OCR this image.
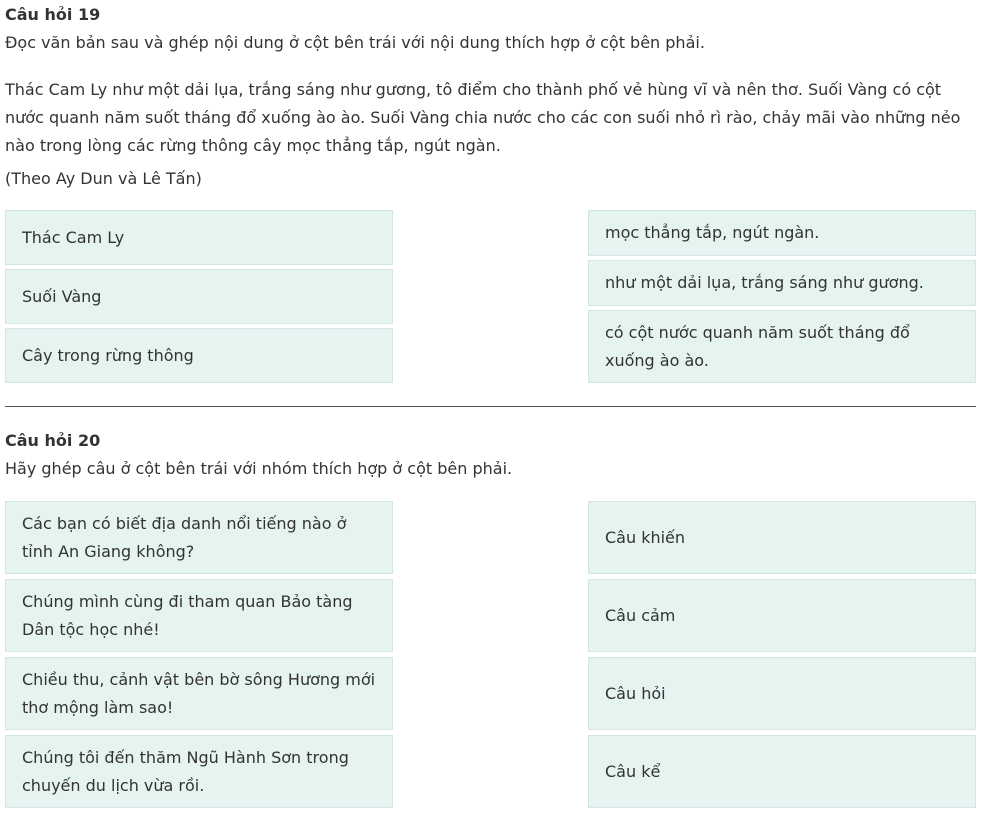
Câu hỏi 19

Đọc văn bản sau và ghép nội dung ở cột bên trái với nội dung thích hợp ở cột bên phải.

Thác Cam Ly như một dải lụa, trắng sáng như gương, tô điểm cho thành phố vẻ hùng vĩ và nên thơ. Suối Vàng có cột nước quanh năm suốt tháng đổ xuống ào ào. Suối Vàng chia nước cho các con suối nhỏ rì rào, chảy mãi vào những nẻo nào trong lòng các rừng thông cây mọc thẳng tắp, ngút ngàn.

(Theo Ay Dun và Lê Tấn)

Thác Cam Ly
Suối Vàng
Cây trong rừng thông
mọc thẳng tắp, ngút ngàn.
như một dải lụa, trắng sáng như gương.
có cột nước quanh năm suốt tháng đổ xuống ào ào.

Câu hỏi 20

Hãy ghép câu ở cột bên trái với nhóm thích hợp ở cột bên phải.

Các bạn có biết địa danh nổi tiếng nào ở tỉnh An Giang không?
Chúng mình cùng đi tham quan Bảo tàng Dân tộc học nhé!
Chiều thu, cảnh vật bên bờ sông Hương mới thơ mộng làm sao!
Chúng tôi đến thăm Ngũ Hành Sơn trong chuyến du lịch vừa rồi.
Câu khiến
Câu cảm
Câu hỏi
Câu kể
